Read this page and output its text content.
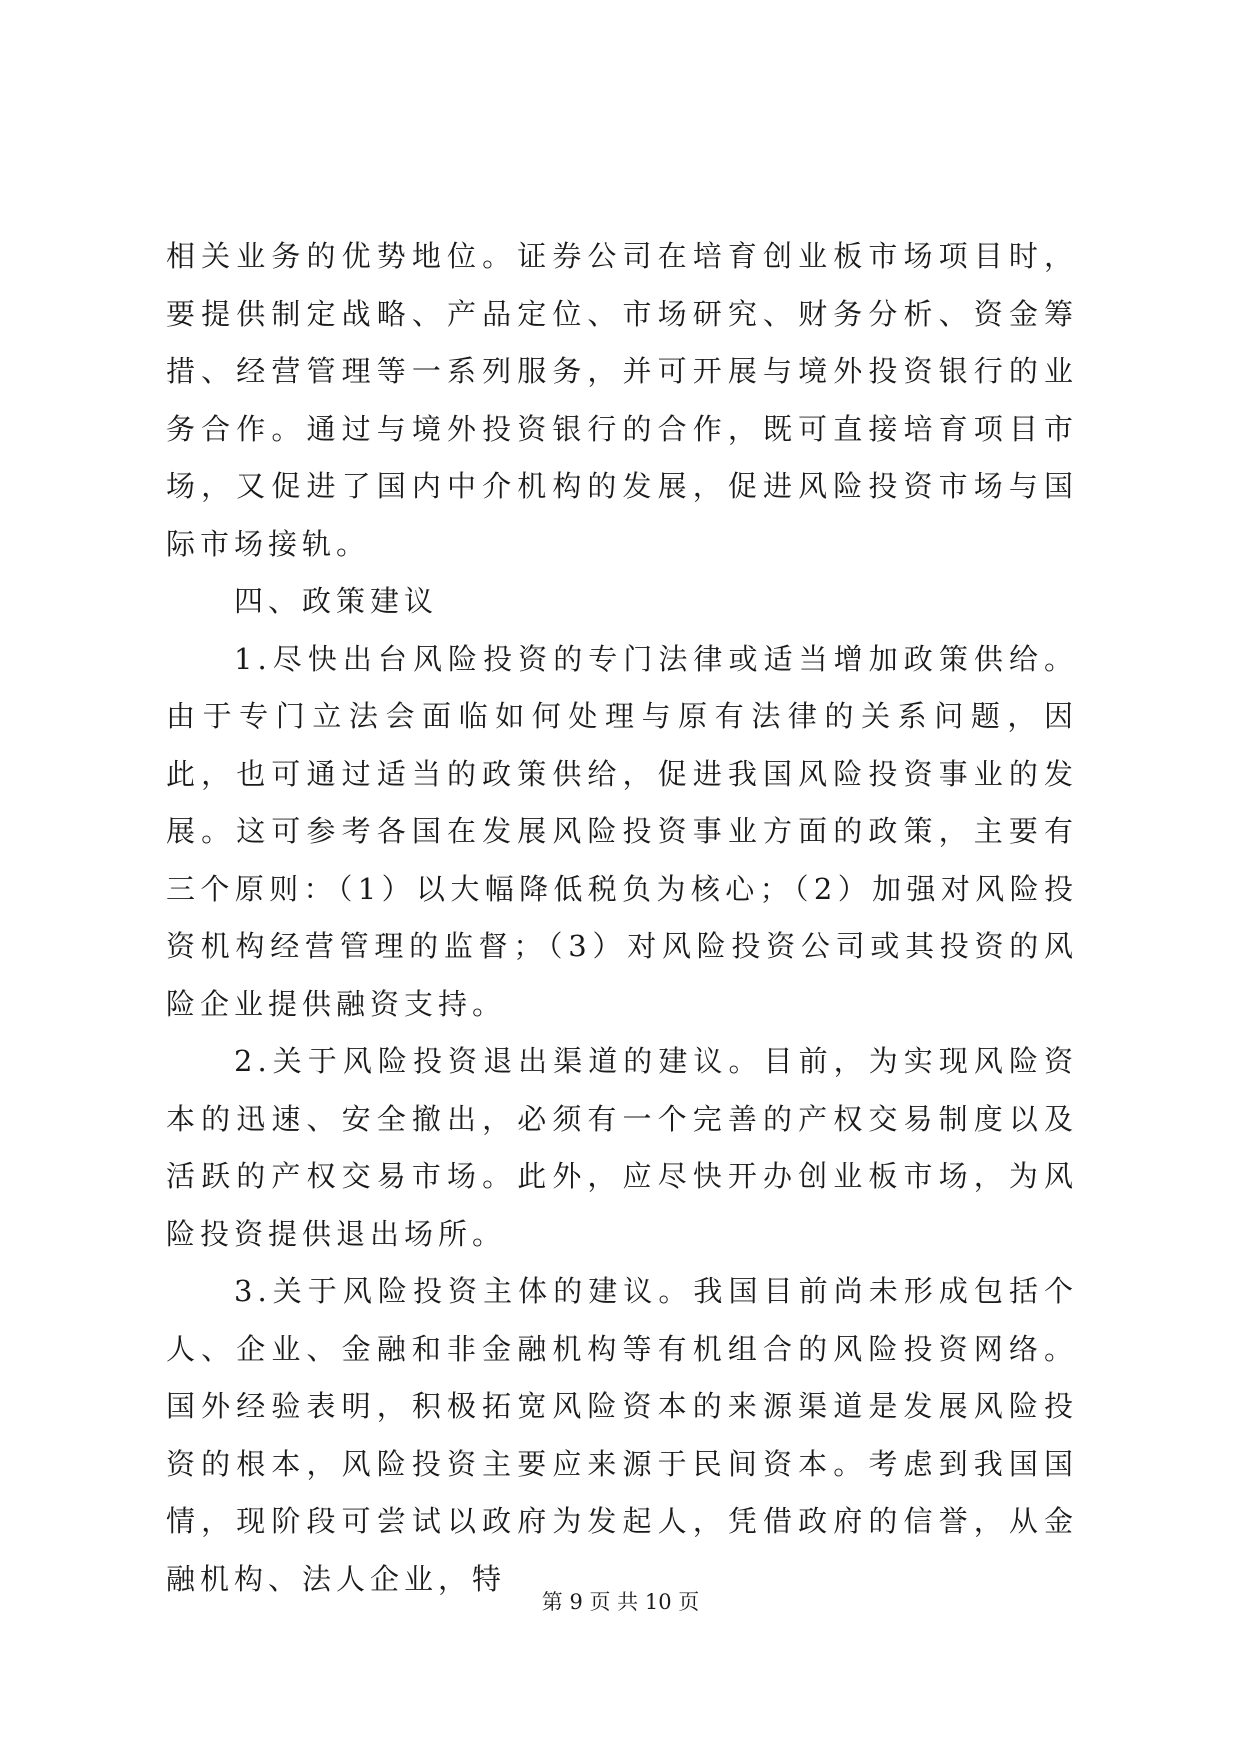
相关业务的优势地位。证券公司在培育创业板市场项目时，要提供制定战略、产品定位、市场研究、财务分析、资金筹措、经营管理等一系列服务，并可开展与境外投资银行的业务合作。通过与境外投资银行的合作，既可直接培育项目市场，又促进了国内中介机构的发展，促进风险投资市场与国际市场接轨。

四、政策建议

1.尽快出台风险投资的专门法律或适当增加政策供给。由于专门立法会面临如何处理与原有法律的关系问题，因此，也可通过适当的政策供给，促进我国风险投资事业的发展。这可参考各国在发展风险投资事业方面的政策，主要有三个原则：（1）以大幅降低税负为核心；（2）加强对风险投资机构经营管理的监督；（3）对风险投资公司或其投资的风险企业提供融资支持。

2.关于风险投资退出渠道的建议。目前，为实现风险资本的迅速、安全撤出，必须有一个完善的产权交易制度以及活跃的产权交易市场。此外，应尽快开办创业板市场，为风险投资提供退出场所。

3.关于风险投资主体的建议。我国目前尚未形成包括个人、企业、金融和非金融机构等有机组合的风险投资网络。国外经验表明，积极拓宽风险资本的来源渠道是发展风险投资的根本，风险投资主要应来源于民间资本。考虑到我国国情，现阶段可尝试以政府为发起人，凭借政府的信誉，从金融机构、法人企业，特

第 9 页 共 10 页
